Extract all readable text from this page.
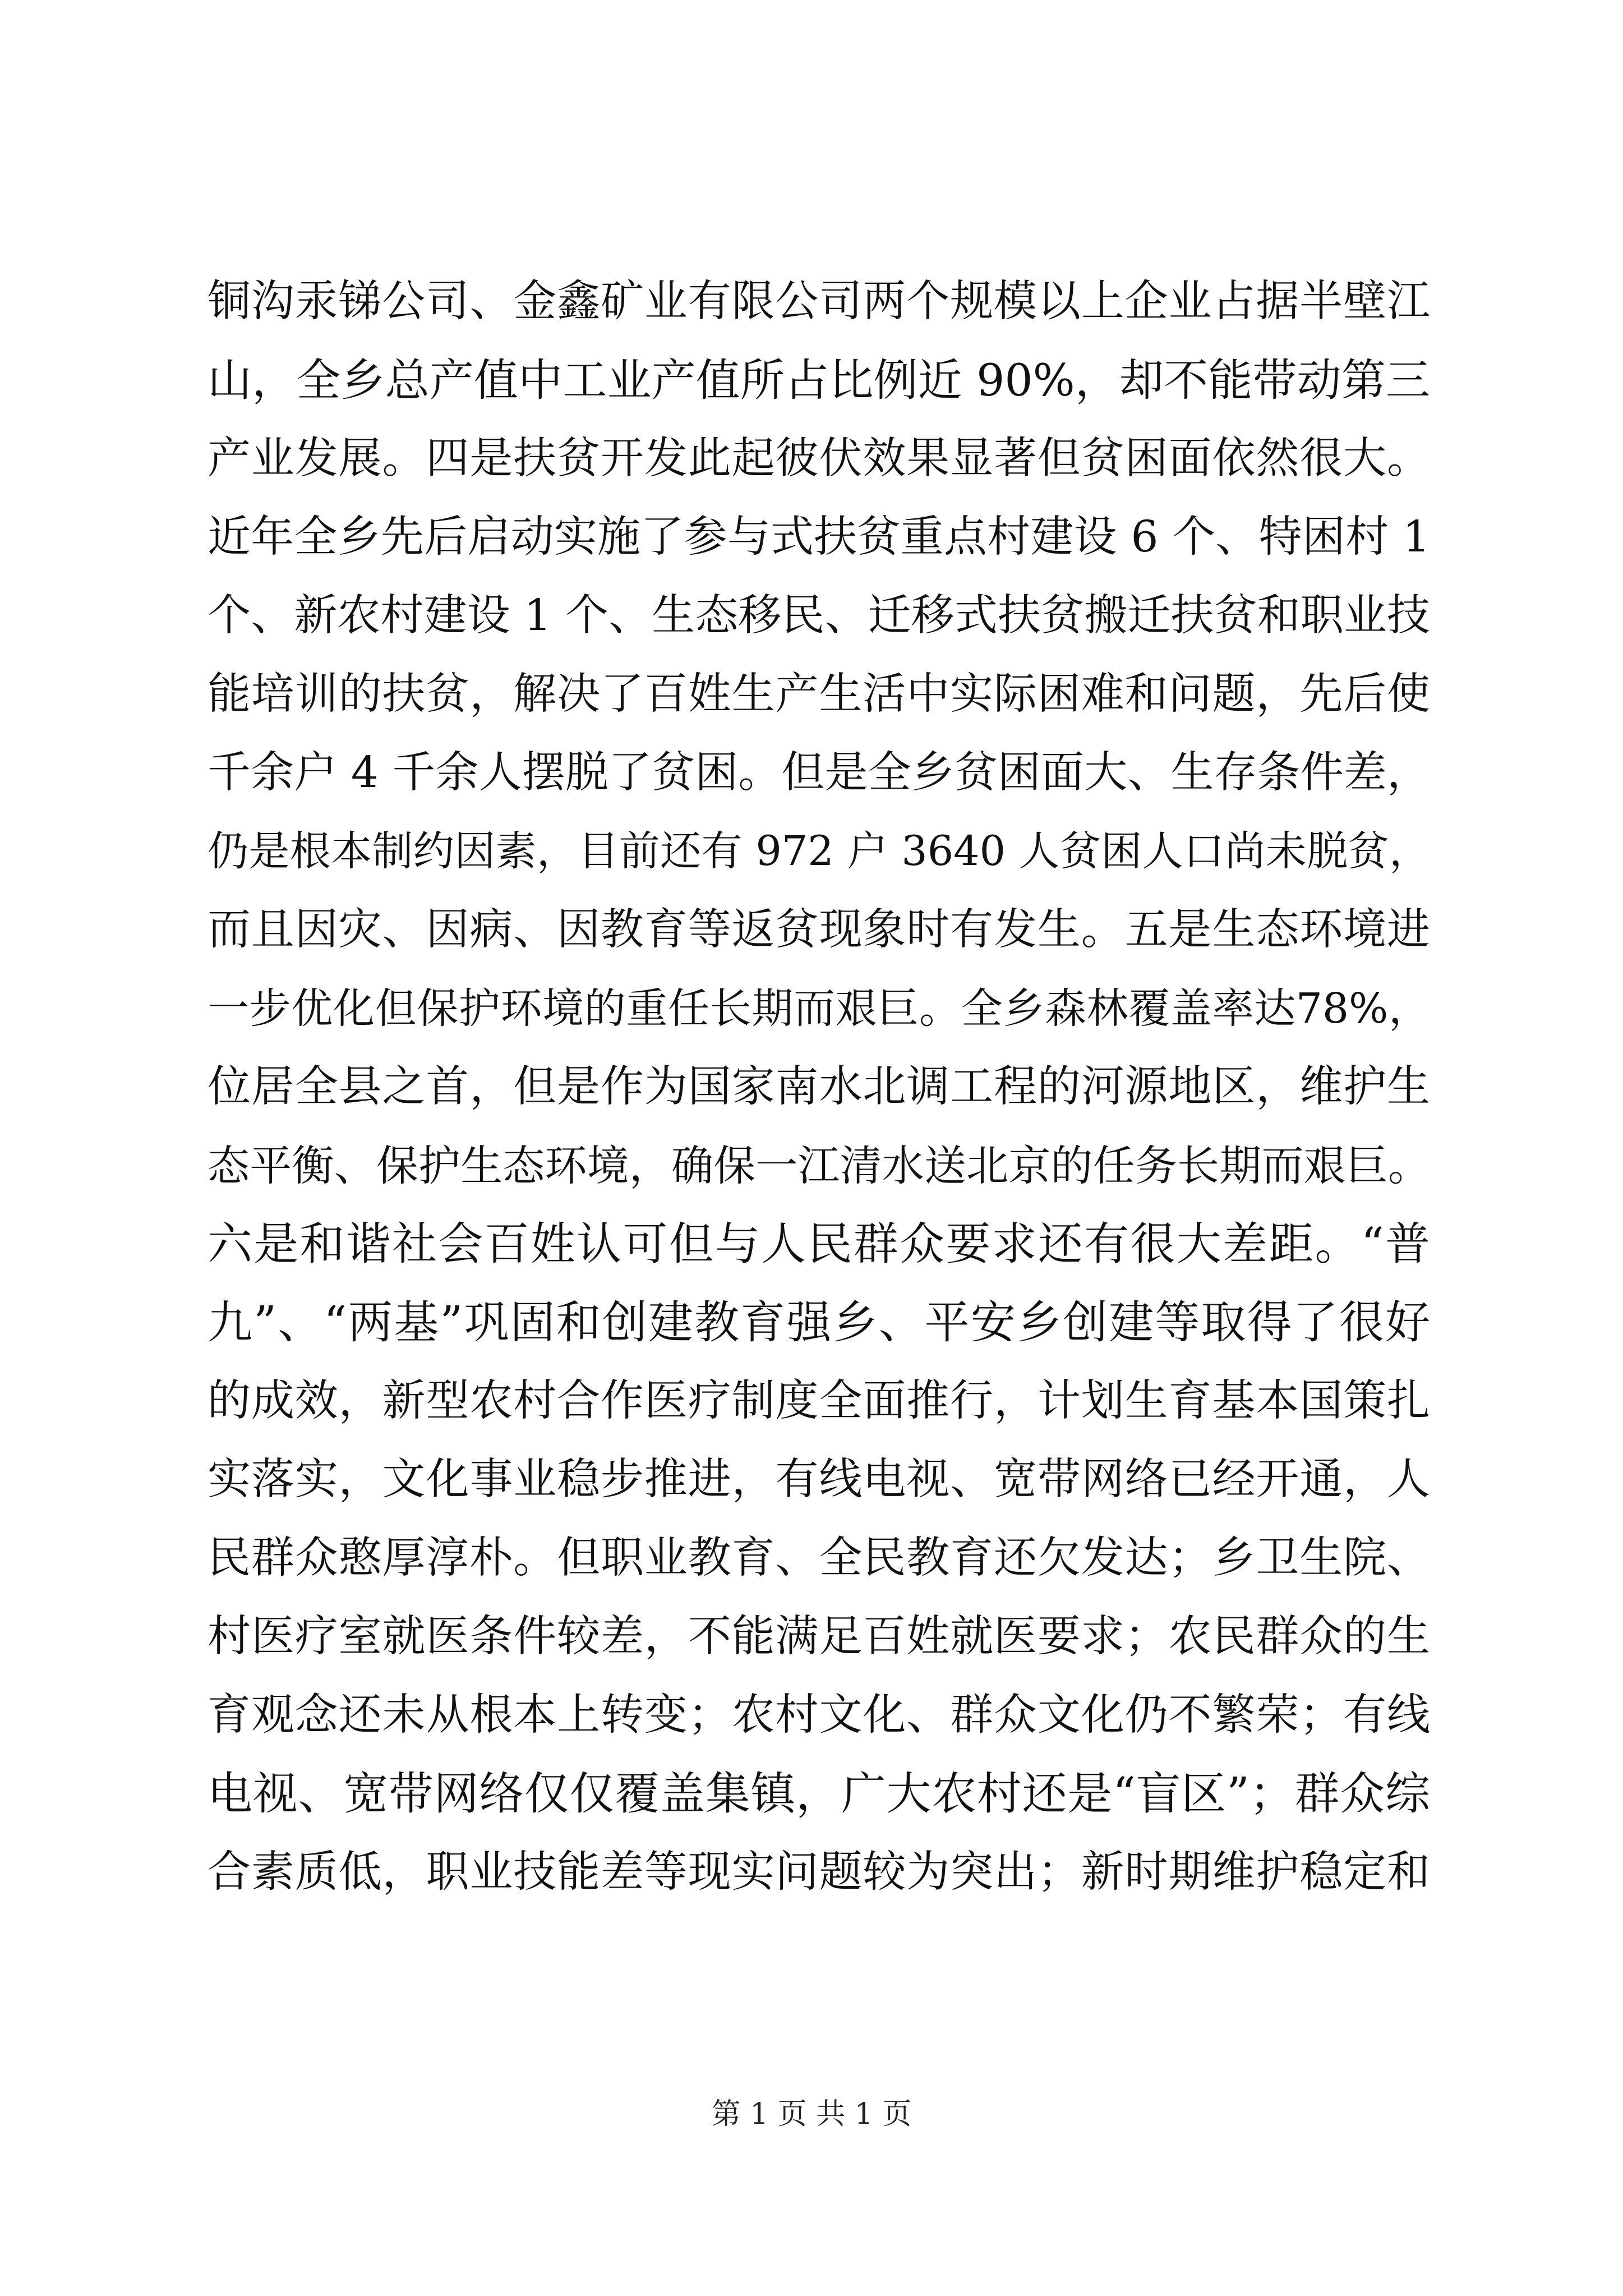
铜沟汞锑公司、金鑫矿业有限公司两个规模以上企业占据半壁江
山，全乡总产值中工业产值所占比例近 90%，却不能带动第三
产业发展。四是扶贫开发此起彼伏效果显著但贫困面依然很大。
近年全乡先后启动实施了参与式扶贫重点村建设 6 个、特困村 1
个、新农村建设 1 个、生态移民、迁移式扶贫搬迁扶贫和职业技
能培训的扶贫，解决了百姓生产生活中实际困难和问题，先后使
千余户 4 千余人摆脱了贫困。但是全乡贫困面大、生存条件差，
仍是根本制约因素，目前还有 972 户 3640 人贫困人口尚未脱贫，
而且因灾、因病、因教育等返贫现象时有发生。五是生态环境进
一步优化但保护环境的重任长期而艰巨。全乡森林覆盖率达78%，
位居全县之首，但是作为国家南水北调工程的河源地区，维护生
态平衡、保护生态环境，确保一江清水送北京的任务长期而艰巨。
六是和谐社会百姓认可但与人民群众要求还有很大差距。“普
九”、“两基”巩固和创建教育强乡、平安乡创建等取得了很好
的成效，新型农村合作医疗制度全面推行，计划生育基本国策扎
实落实，文化事业稳步推进，有线电视、宽带网络已经开通，人
民群众憨厚淳朴。但职业教育、全民教育还欠发达；乡卫生院、
村医疗室就医条件较差，不能满足百姓就医要求；农民群众的生
育观念还未从根本上转变；农村文化、群众文化仍不繁荣；有线
电视、宽带网络仅仅覆盖集镇，广大农村还是“盲区”；群众综
合素质低，职业技能差等现实问题较为突出；新时期维护稳定和
第 1 页 共 1 页
